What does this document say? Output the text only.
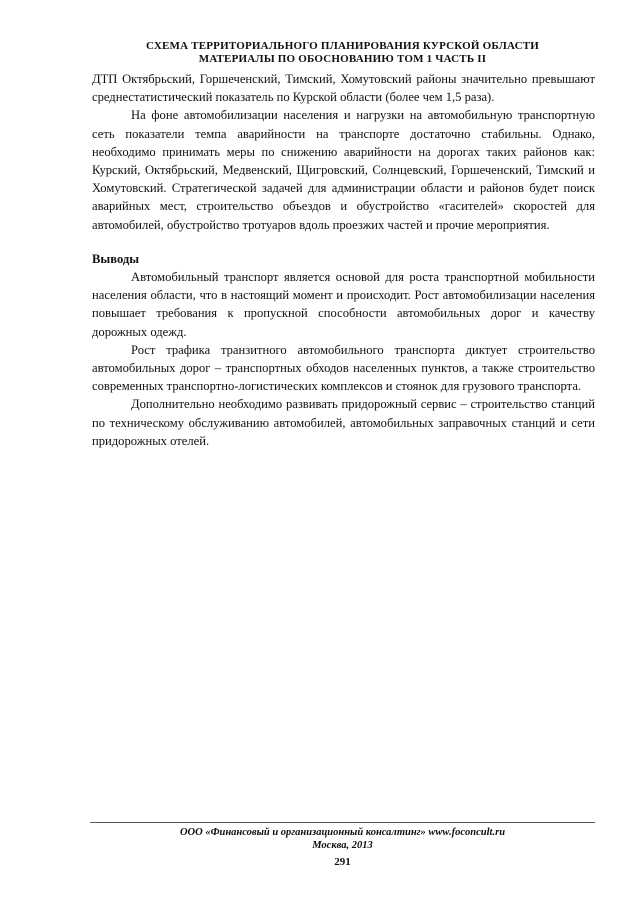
СХЕМА ТЕРРИТОРИАЛЬНОГО ПЛАНИРОВАНИЯ КУРСКОЙ ОБЛАСТИ
МАТЕРИАЛЫ ПО ОБОСНОВАНИЮ ТОМ 1 ЧАСТЬ II

ДТП Октябрьский, Горшеченский, Тимский, Хомутовский районы значительно превышают среднестатистический показатель по Курской области (более чем 1,5 раза).

На фоне автомобилизации населения и нагрузки на автомобильную транспортную сеть показатели темпа аварийности на транспорте достаточно стабильны. Однако, необходимо принимать меры по снижению аварийности на дорогах таких районов как: Курский, Октябрьский, Медвенский, Щигровский, Солнцевский, Горшеченский, Тимский и Хомутовский. Стратегической задачей для администрации области и районов будет поиск аварийных мест, строительство объездов и обустройство «гасителей» скоростей для автомобилей, обустройство тротуаров вдоль проезжих частей и прочие мероприятия.

Выводы

Автомобильный транспорт является основой для роста транспортной мобильности населения области, что в настоящий момент и происходит. Рост автомобилизации населения повышает требования к пропускной способности автомобильных дорог и качеству дорожных одежд.

Рост трафика транзитного автомобильного транспорта диктует строительство автомобильных дорог – транспортных обходов населенных пунктов, а также строительство современных транспортно-логистических комплексов и стоянок для грузового транспорта.

Дополнительно необходимо развивать придорожный сервис – строительство станций по техническому обслуживанию автомобилей, автомобильных заправочных станций и сети придорожных отелей.

ООО «Финансовый и организационный консалтинг» www.foconcult.ru
Москва, 2013
291
